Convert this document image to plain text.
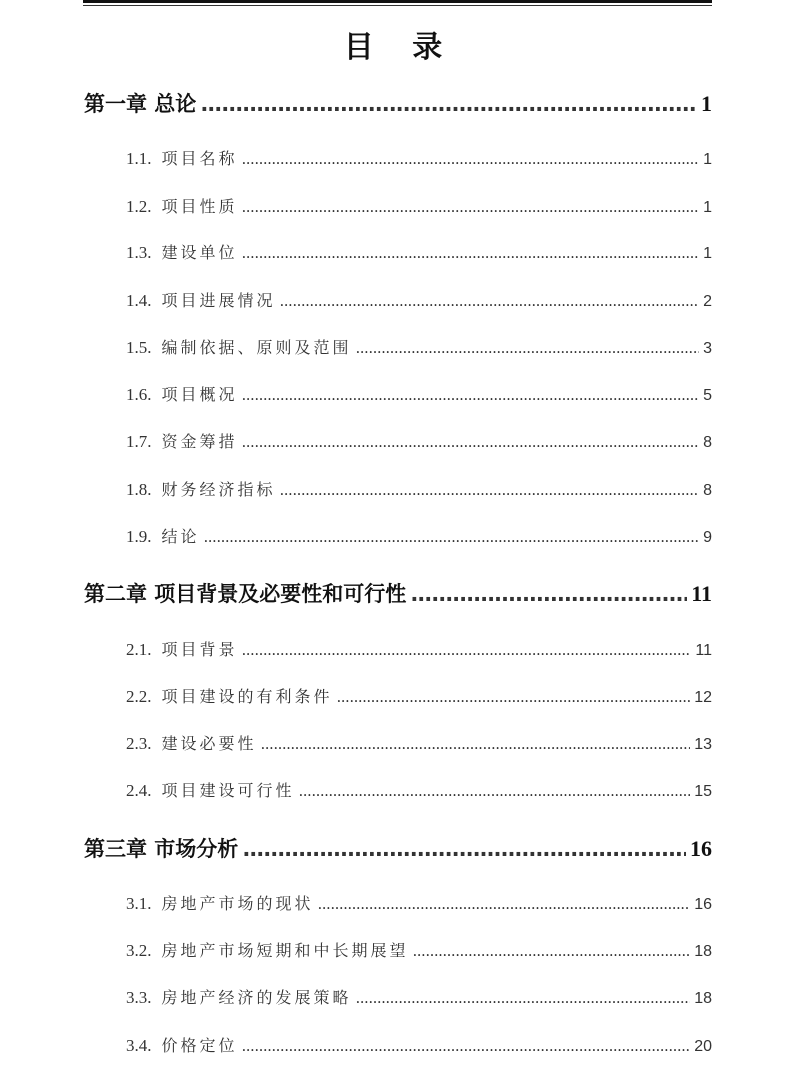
目 录
第一章 总论 .....	1
1.1. 项目名称 .....	1
1.2. 项目性质 .....	1
1.3. 建设单位 .....	1
1.4. 项目进展情况 .....	2
1.5. 编制依据、原则及范围 .....	3
1.6. 项目概况 .....	5
1.7. 资金筹措 .....	8
1.8. 财务经济指标 .....	8
1.9. 结论 .....	9
第二章 项目背景及必要性和可行性 .....	11
2.1. 项目背景 .....	11
2.2. 项目建设的有利条件 .....	12
2.3. 建设必要性 .....	13
2.4. 项目建设可行性 .....	15
第三章 市场分析 .....	16
3.1. 房地产市场的现状 .....	16
3.2. 房地产市场短期和中长期展望 .....	18
3.3. 房地产经济的发展策略 .....	18
3.4. 价格定位 .....	20
